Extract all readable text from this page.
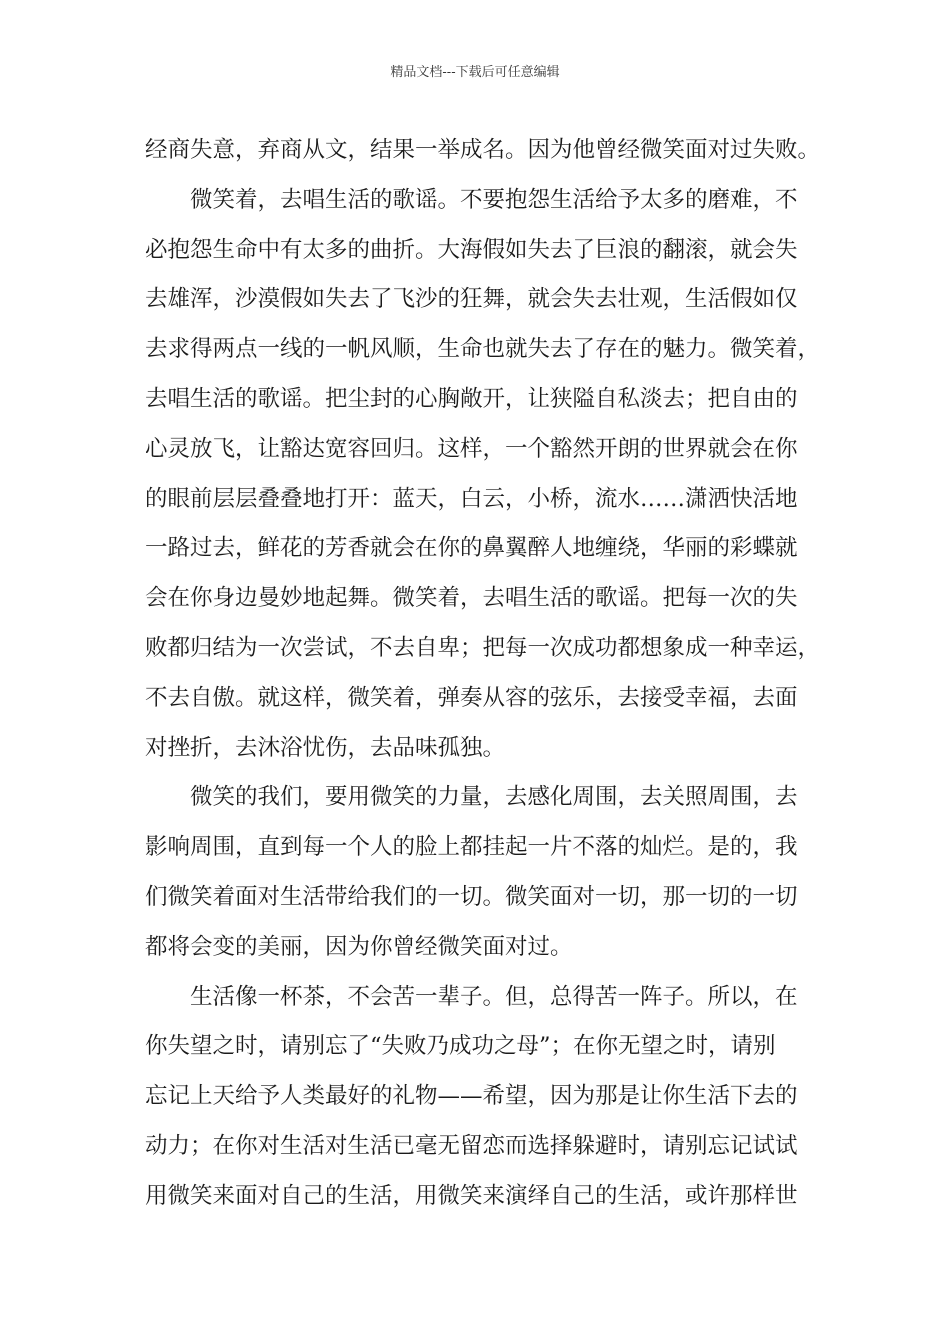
精品文档---下载后可任意编辑
经商失意，弃商从文，结果一举成名。因为他曾经微笑面对过失败。
微笑着，去唱生活的歌谣。不要抱怨生活给予太多的磨难，不
必抱怨生命中有太多的曲折。大海假如失去了巨浪的翻滚，就会失
去雄浑，沙漠假如失去了飞沙的狂舞，就会失去壮观，生活假如仅
去求得两点一线的一帆风顺，生命也就失去了存在的魅力。微笑着，
去唱生活的歌谣。把尘封的心胸敞开，让狭隘自私淡去；把自由的
心灵放飞，让豁达宽容回归。这样，一个豁然开朗的世界就会在你
的眼前层层叠叠地打开：蓝天，白云，小桥，流水……潇洒快活地
一路过去，鲜花的芳香就会在你的鼻翼醉人地缠绕，华丽的彩蝶就
会在你身边曼妙地起舞。微笑着，去唱生活的歌谣。把每一次的失
败都归结为一次尝试，不去自卑；把每一次成功都想象成一种幸运，
不去自傲。就这样，微笑着，弹奏从容的弦乐，去接受幸福，去面
对挫折，去沐浴忧伤，去品味孤独。
微笑的我们，要用微笑的力量，去感化周围，去关照周围，去
影响周围，直到每一个人的脸上都挂起一片不落的灿烂。是的，我
们微笑着面对生活带给我们的一切。微笑面对一切，那一切的一切
都将会变的美丽，因为你曾经微笑面对过。
生活像一杯茶，不会苦一辈子。但，总得苦一阵子。所以，在
你失望之时，请别忘了“失败乃成功之母”；在你无望之时，请别
忘记上天给予人类最好的礼物——希望，因为那是让你生活下去的
动力；在你对生活对生活已毫无留恋而选择躲避时，请别忘记试试
用微笑来面对自己的生活，用微笑来演绎自己的生活，或许那样世
